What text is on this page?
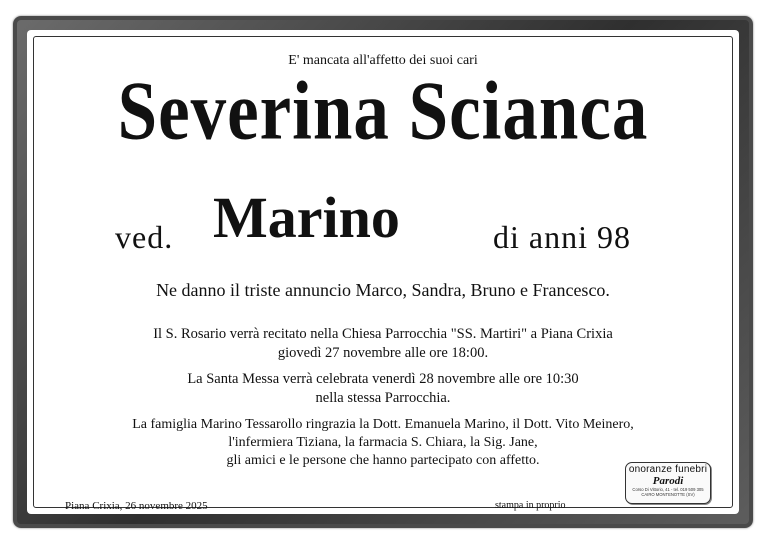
E' mancata all'affetto dei suoi cari
Severina Scianca
ved. Marino	di anni 98
Ne danno il triste annuncio Marco, Sandra, Bruno e Francesco.
Il S. Rosario verrà recitato nella Chiesa Parrocchia "SS. Martiri" a Piana Crixia
giovedì 27 novembre alle ore 18:00.
La Santa Messa verrà celebrata venerdì 28 novembre alle ore 10:30
nella stessa Parrocchia.
La famiglia Marino Tessarollo ringrazia la Dott. Emanuela Marino, il Dott. Vito Meinero,
l'infermiera Tiziana, la farmacia S. Chiara, la Sig. Jane,
gli amici e le persone che hanno partecipato con affetto.
Piana Crixia, 26 novembre 2025	stampa in proprio
onoranze funebri
Parodi
Corso Di Vittorio, 41 - tel. 019 509 305
CAIRO MONTENOTTE (SV)
